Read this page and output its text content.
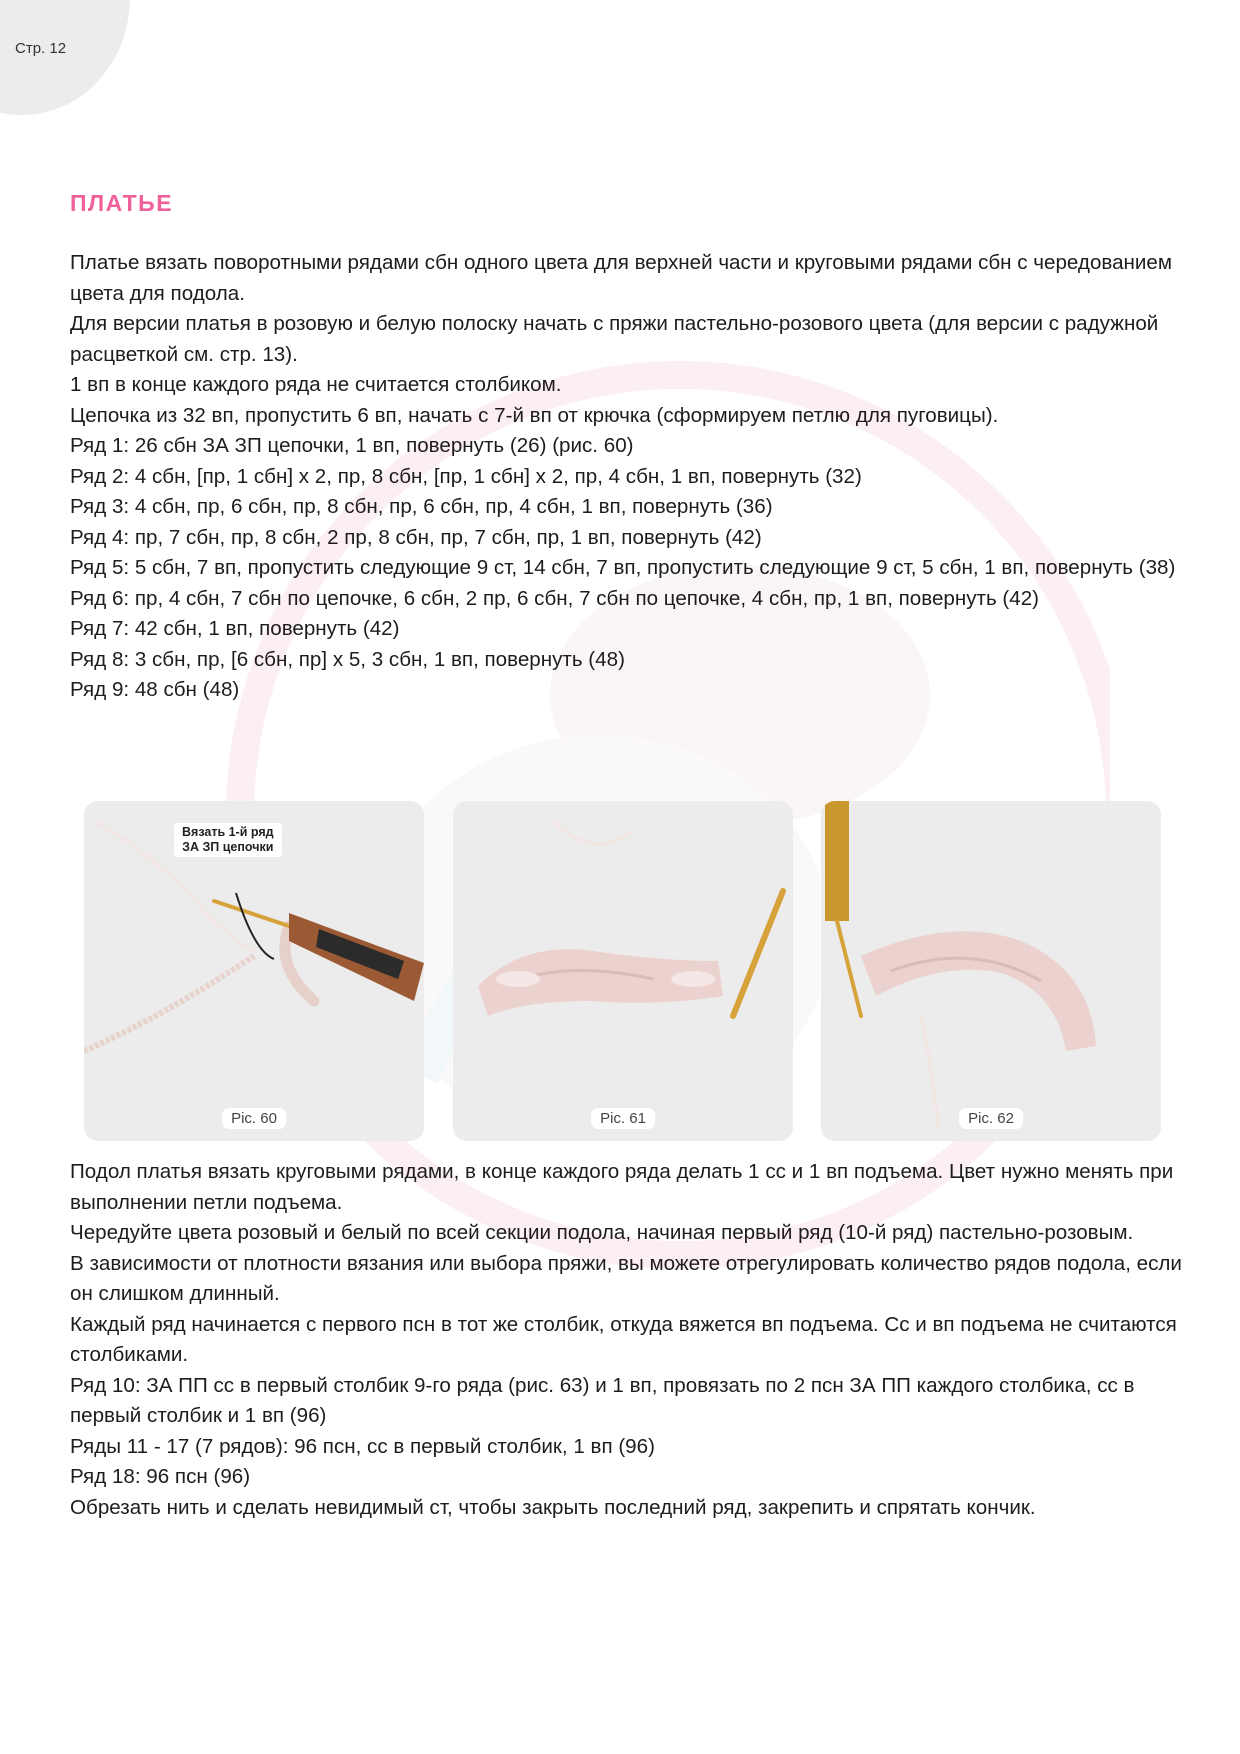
Стр. 12
ПЛАТЬЕ

Платье вязать поворотными рядами сбн одного цвета для верхней части и круговыми рядами сбн с чередованием цвета для подола.

Для версии платья в розовую и белую полоску начать с пряжи пастельно-розового цвета (для версии с радужной расцветкой см. стр. 13).

1 вп в конце каждого ряда не считается столбиком.

Цепочка из 32 вп, пропустить 6 вп, начать с 7-й вп от крючка (сформируем петлю для пуговицы).

Ряд 1: 26 сбн ЗА ЗП цепочки, 1 вп, повернуть (26) (рис. 60)

Ряд 2: 4 сбн, [пр, 1 сбн] х 2, пр, 8 сбн, [пр, 1 сбн] х 2, пр, 4 сбн, 1 вп, повернуть (32)

Ряд 3: 4 сбн, пр, 6 сбн, пр, 8 сбн, пр, 6 сбн, пр, 4 сбн, 1 вп, повернуть (36)

Ряд 4: пр, 7 сбн, пр, 8 сбн, 2 пр, 8 сбн, пр, 7 сбн, пр, 1 вп, повернуть (42)

Ряд 5: 5 сбн, 7 вп, пропустить следующие 9 ст, 14 сбн, 7 вп, пропустить следующие 9 ст, 5 сбн, 1 вп, повернуть (38)

Ряд 6: пр, 4 сбн, 7 сбн по цепочке, 6 сбн, 2 пр, 6 сбн, 7 сбн по цепочке, 4 сбн, пр, 1 вп, повернуть (42)

Ряд 7: 42 сбн, 1 вп, повернуть (42)

Ряд 8: 3 сбн, пр, [6 сбн, пр] х 5, 3 сбн, 1 вп, повернуть (48)

Ряд 9: 48 сбн (48)

Вязать 1-й ряд
ЗА ЗП цепочки
Pic. 60	Pic. 61	Pic. 62

Подол платья вязать круговыми рядами, в конце каждого ряда делать 1 сс и 1 вп подъема. Цвет нужно менять при выполнении петли подъема.

Чередуйте цвета розовый и белый по всей секции подола, начиная первый ряд (10-й ряд) пастельно-розовым.

В зависимости от плотности вязания или выбора пряжи, вы можете отрегулировать количество рядов подола, если он слишком длинный.

Каждый ряд начинается с первого псн в тот же столбик, откуда вяжется вп подъема. Сс и вп подъема не считаются столбиками.

Ряд 10: ЗА ПП сс в первый столбик 9-го ряда (рис. 63) и 1 вп, провязать по 2 псн ЗА ПП каждого столбика, сс в первый столбик и 1 вп (96)

Ряды 11 - 17 (7 рядов): 96 псн, сс в первый столбик, 1 вп (96)

Ряд 18: 96 псн (96)

Обрезать нить и сделать невидимый ст, чтобы закрыть последний ряд, закрепить и спрятать кончик.
